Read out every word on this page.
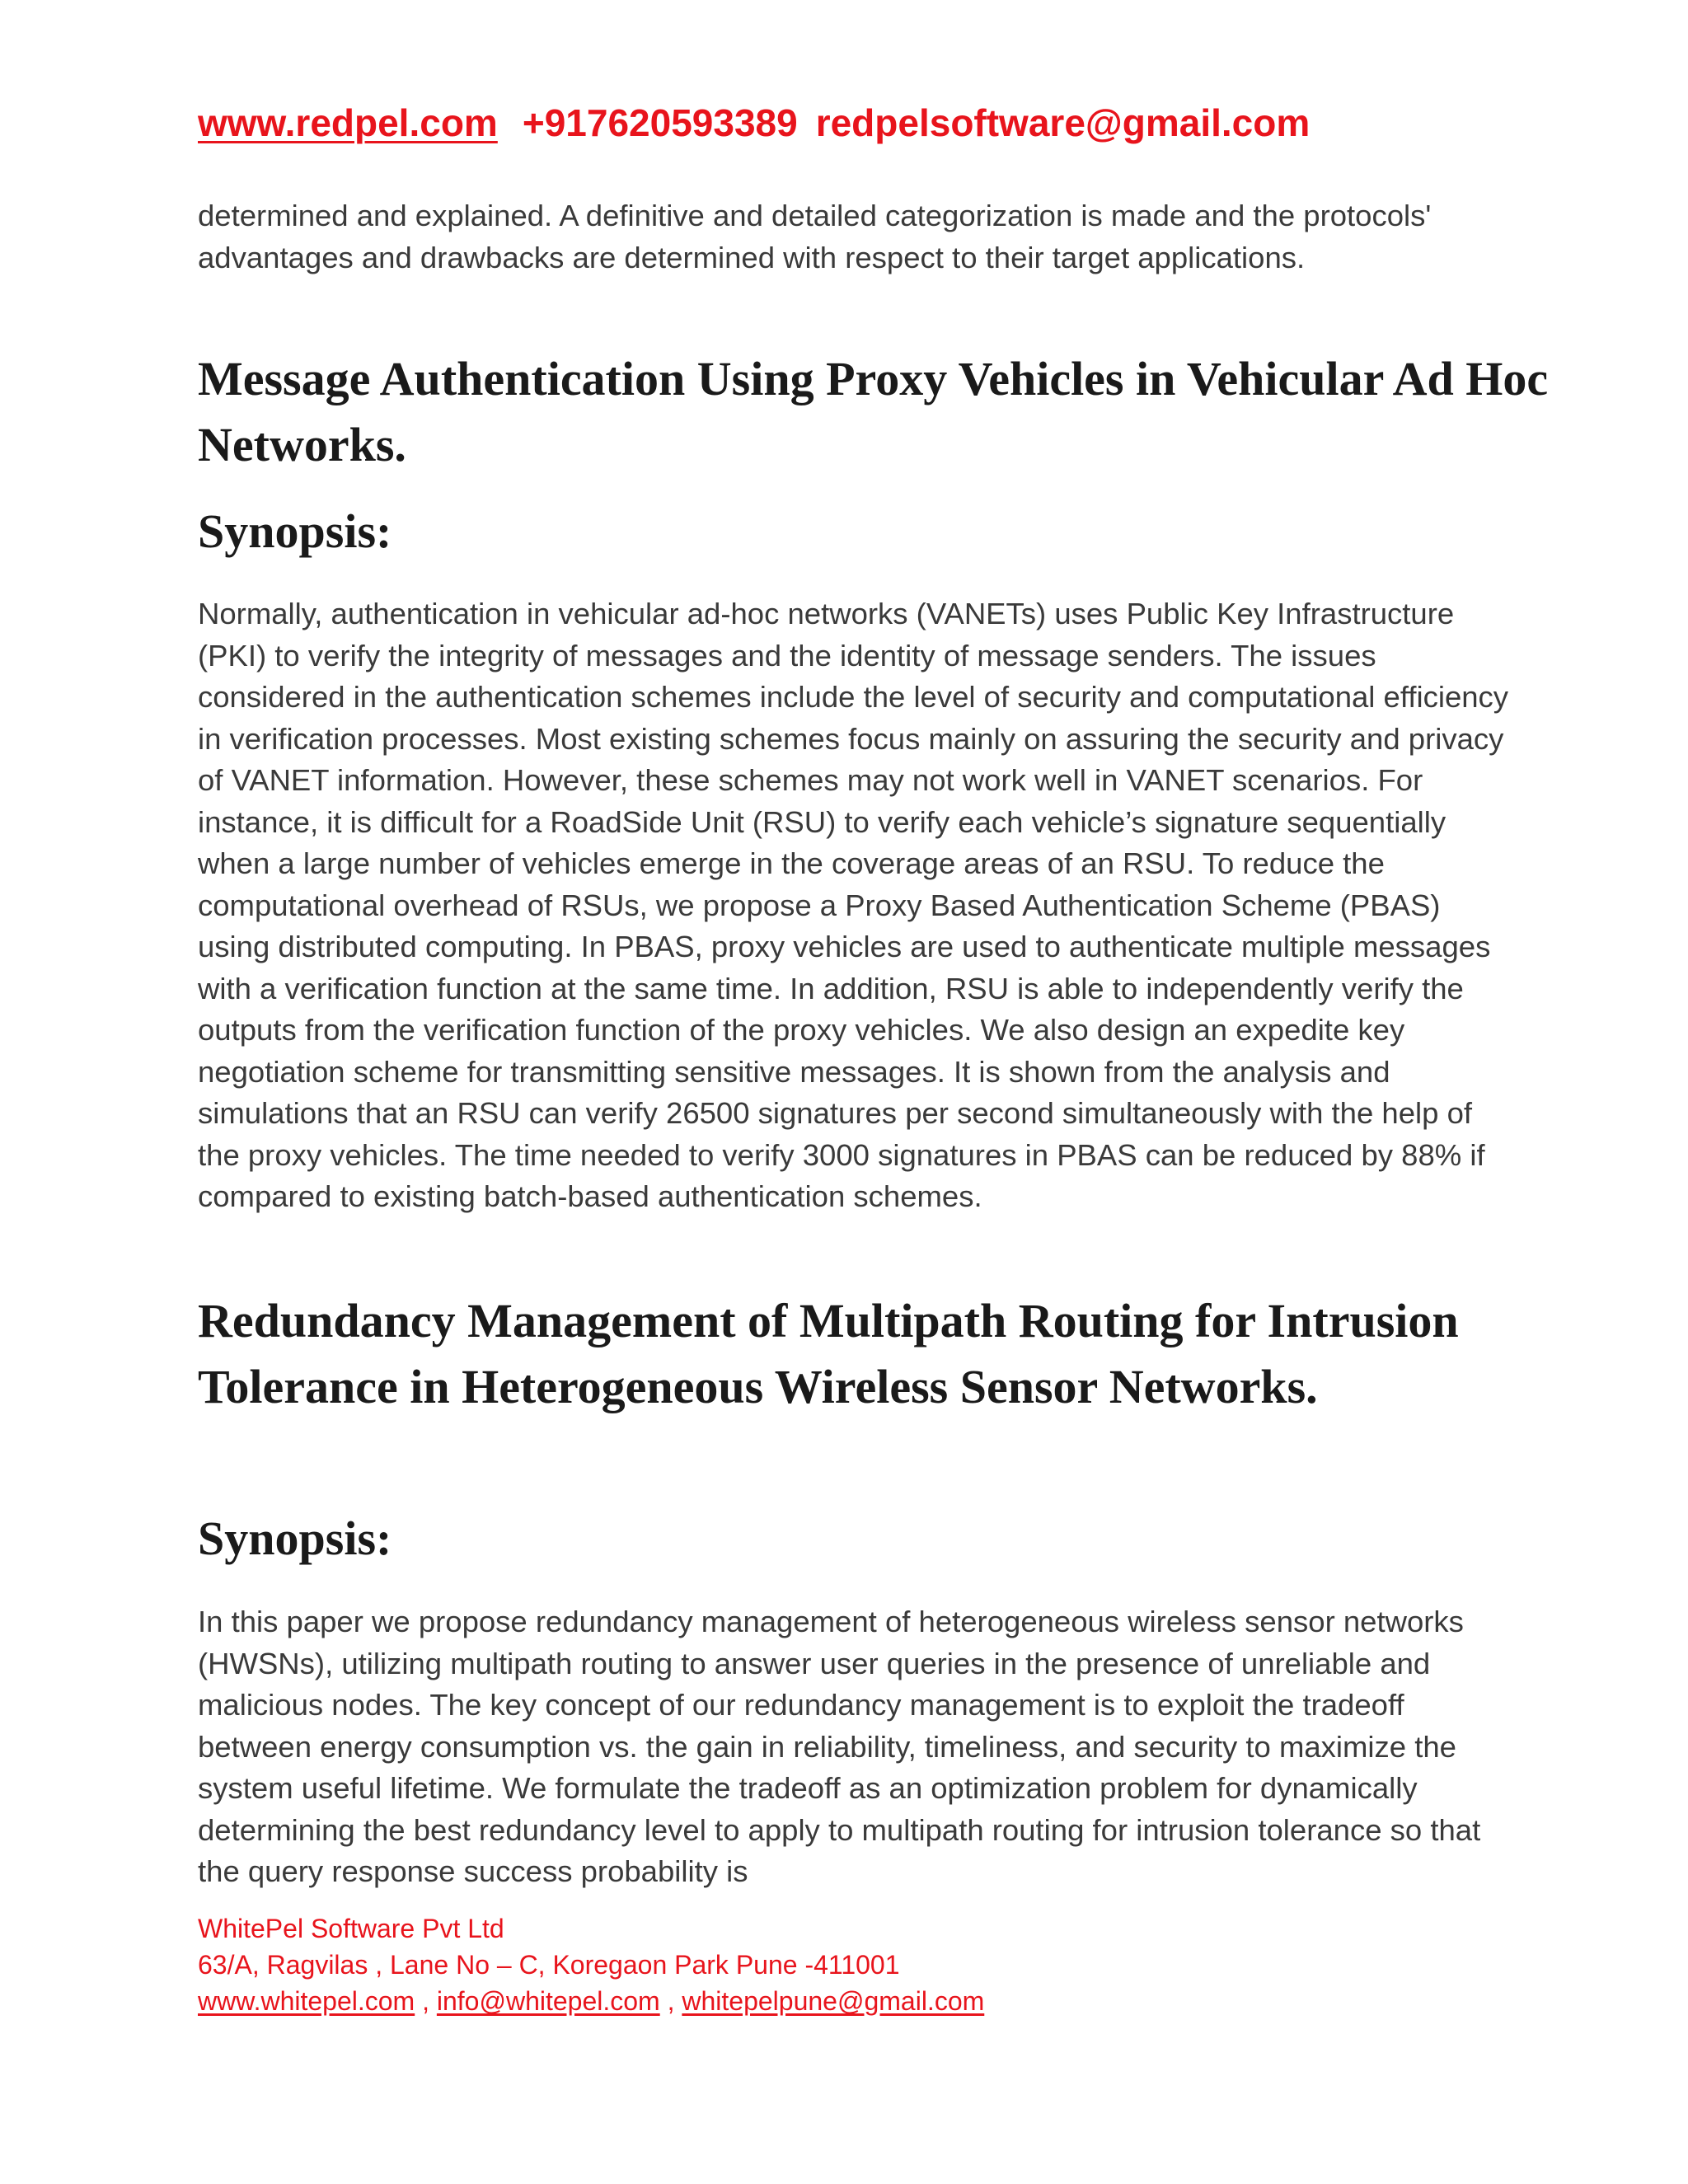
www.redpel.com +917620593389 redpelsoftware@gmail.com

determined and explained. A definitive and detailed categorization is made and the protocols' advantages and drawbacks are determined with respect to their target applications.

Message Authentication Using Proxy Vehicles in Vehicular Ad Hoc Networks.
Synopsis:

Normally, authentication in vehicular ad-hoc networks (VANETs) uses Public Key Infrastructure (PKI) to verify the integrity of messages and the identity of message senders. The issues considered in the authentication schemes include the level of security and computational efficiency in verification processes. Most existing schemes focus mainly on assuring the security and privacy of VANET information. However, these schemes may not work well in VANET scenarios. For instance, it is difficult for a RoadSide Unit (RSU) to verify each vehicle’s signature sequentially when a large number of vehicles emerge in the coverage areas of an RSU. To reduce the computational overhead of RSUs, we propose a Proxy Based Authentication Scheme (PBAS) using distributed computing. In PBAS, proxy vehicles are used to authenticate multiple messages with a verification function at the same time. In addition, RSU is able to independently verify the outputs from the verification function of the proxy vehicles. We also design an expedite key negotiation scheme for transmitting sensitive messages. It is shown from the analysis and simulations that an RSU can verify 26500 signatures per second simultaneously with the help of the proxy vehicles. The time needed to verify 3000 signatures in PBAS can be reduced by 88% if compared to existing batch-based authentication schemes.

Redundancy Management of Multipath Routing for Intrusion Tolerance in Heterogeneous Wireless Sensor Networks.
Synopsis:

In this paper we propose redundancy management of heterogeneous wireless sensor networks (HWSNs), utilizing multipath routing to answer user queries in the presence of unreliable and malicious nodes. The key concept of our redundancy management is to exploit the tradeoff between energy consumption vs. the gain in reliability, timeliness, and security to maximize the system useful lifetime. We formulate the tradeoff as an optimization problem for dynamically determining the best redundancy level to apply to multipath routing for intrusion tolerance so that the query response success probability is

WhitePel Software Pvt Ltd
63/A, Ragvilas , Lane No – C, Koregaon Park Pune -411001
www.whitepel.com , info@whitepel.com , whitepelpune@gmail.com
